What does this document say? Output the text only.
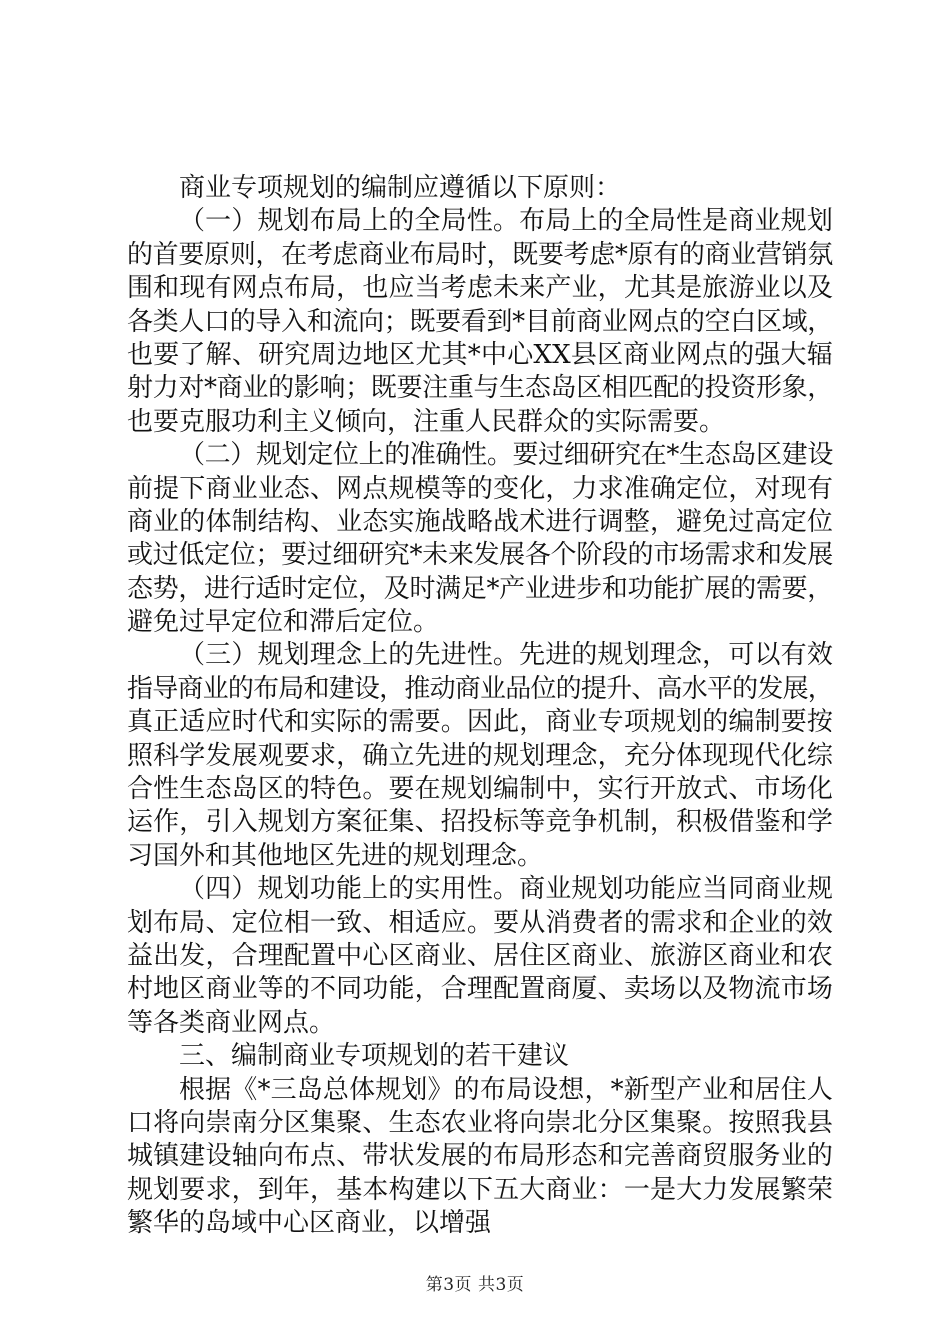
商业专项规划的编制应遵循以下原则：
（一）规划布局上的全局性。布局上的全局性是商业规划
的首要原则，在考虑商业布局时，既要考虑*原有的商业营销氛
围和现有网点布局，也应当考虑未来产业，尤其是旅游业以及
各类人口的导入和流向；既要看到*目前商业网点的空白区域，
也要了解、研究周边地区尤其*中心XX县区商业网点的强大辐
射力对*商业的影响；既要注重与生态岛区相匹配的投资形象，
也要克服功利主义倾向，注重人民群众的实际需要。
（二）规划定位上的准确性。要过细研究在*生态岛区建设
前提下商业业态、网点规模等的变化，力求准确定位，对现有
商业的体制结构、业态实施战略战术进行调整，避免过高定位
或过低定位；要过细研究*未来发展各个阶段的市场需求和发展
态势，进行适时定位，及时满足*产业进步和功能扩展的需要，
避免过早定位和滞后定位。
（三）规划理念上的先进性。先进的规划理念，可以有效
指导商业的布局和建设，推动商业品位的提升、高水平的发展，
真正适应时代和实际的需要。因此，商业专项规划的编制要按
照科学发展观要求，确立先进的规划理念，充分体现现代化综
合性生态岛区的特色。要在规划编制中，实行开放式、市场化
运作，引入规划方案征集、招投标等竞争机制，积极借鉴和学
习国外和其他地区先进的规划理念。
（四）规划功能上的实用性。商业规划功能应当同商业规
划布局、定位相一致、相适应。要从消费者的需求和企业的效
益出发，合理配置中心区商业、居住区商业、旅游区商业和农
村地区商业等的不同功能，合理配置商厦、卖场以及物流市场
等各类商业网点。
三、编制商业专项规划的若干建议
根据《*三岛总体规划》的布局设想，*新型产业和居住人
口将向崇南分区集聚、生态农业将向崇北分区集聚。按照我县
城镇建设轴向布点、带状发展的布局形态和完善商贸服务业的
规划要求，到年，基本构建以下五大商业：一是大力发展繁荣
繁华的岛域中心区商业，以增强
第3页 共3页
